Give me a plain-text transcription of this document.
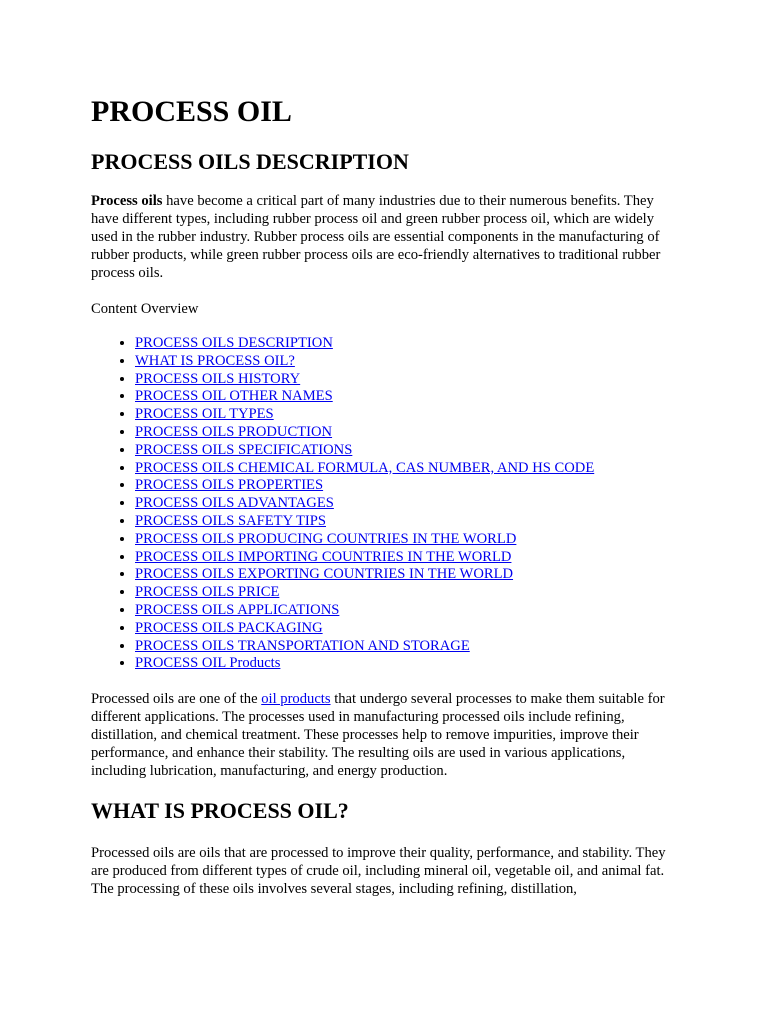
PROCESS OIL
PROCESS OILS DESCRIPTION

Process oils have become a critical part of many industries due to their numerous benefits. They have different types, including rubber process oil and green rubber process oil, which are widely used in the rubber industry. Rubber process oils are essential components in the manufacturing of rubber products, while green rubber process oils are eco-friendly alternatives to traditional rubber process oils.

Content Overview

• PROCESS OILS DESCRIPTION
• WHAT IS PROCESS OIL?
• PROCESS OILS HISTORY
• PROCESS OIL OTHER NAMES
• PROCESS OIL TYPES
• PROCESS OILS PRODUCTION
• PROCESS OILS SPECIFICATIONS
• PROCESS OILS CHEMICAL FORMULA, CAS NUMBER, AND HS CODE
• PROCESS OILS PROPERTIES
• PROCESS OILS ADVANTAGES
• PROCESS OILS SAFETY TIPS
• PROCESS OILS PRODUCING COUNTRIES IN THE WORLD
• PROCESS OILS IMPORTING COUNTRIES IN THE WORLD
• PROCESS OILS EXPORTING COUNTRIES IN THE WORLD
• PROCESS OILS PRICE
• PROCESS OILS APPLICATIONS
• PROCESS OILS PACKAGING
• PROCESS OILS TRANSPORTATION AND STORAGE
• PROCESS OIL Products

Processed oils are one of the oil products that undergo several processes to make them suitable for different applications. The processes used in manufacturing processed oils include refining, distillation, and chemical treatment. These processes help to remove impurities, improve their performance, and enhance their stability. The resulting oils are used in various applications, including lubrication, manufacturing, and energy production.

WHAT IS PROCESS OIL?

Processed oils are oils that are processed to improve their quality, performance, and stability. They are produced from different types of crude oil, including mineral oil, vegetable oil, and animal fat. The processing of these oils involves several stages, including refining, distillation,
